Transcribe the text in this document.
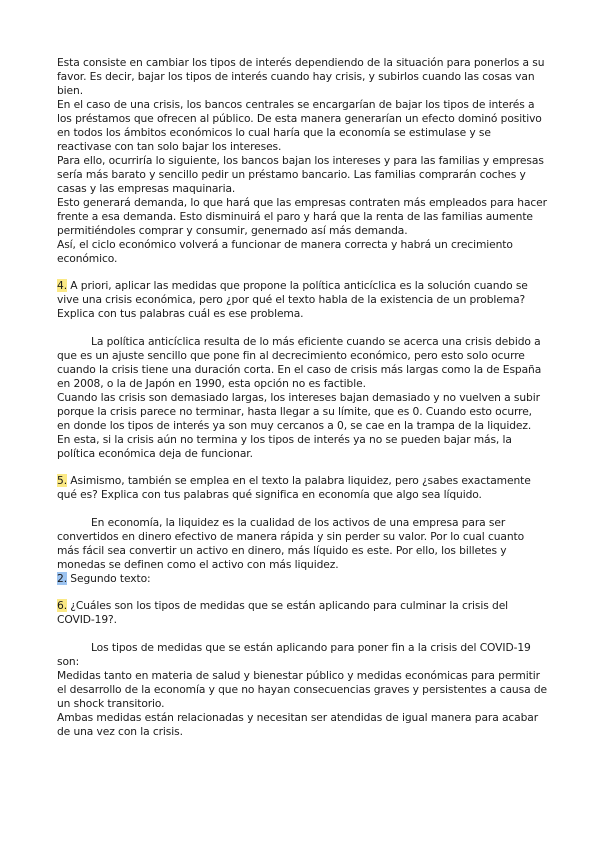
Esta consiste en cambiar los tipos de interés dependiendo de la situación para ponerlos a su favor. Es decir, bajar los tipos de interés cuando hay crisis, y subirlos cuando las cosas van bien.

En el caso de una crisis, los bancos centrales se encargarían de bajar los tipos de interés a los préstamos que ofrecen al público. De esta manera generarían un efecto dominó positivo en todos los ámbitos económicos lo cual haría que la economía se estimulase y se reactivase con tan solo bajar los intereses.

Para ello, ocurriría lo siguiente, los bancos bajan los intereses y para las familias y empresas sería más barato y sencillo pedir un préstamo bancario. Las familias comprarán coches y casas y las empresas maquinaria.

Esto generará demanda, lo que hará que las empresas contraten más empleados para hacer frente a esa demanda. Esto disminuirá el paro y hará que la renta de las familias aumente permitiéndoles comprar y consumir, genernado así más demanda.

Así, el ciclo económico volverá a funcionar de manera correcta y habrá un crecimiento económico.

4. A priori, aplicar las medidas que propone la política anticíclica es la solución cuando se vive una crisis económica, pero ¿por qué el texto habla de la existencia de un problema? Explica con tus palabras cuál es ese problema.

La política anticíclica resulta de lo más eficiente cuando se acerca una crisis debido a que es un ajuste sencillo que pone fin al decrecimiento económico, pero esto solo ocurre cuando la crisis tiene una duración corta. En el caso de crisis más largas como la de España en 2008, o la de Japón en 1990, esta opción no es factible.

Cuando las crisis son demasiado largas, los intereses bajan demasiado y no vuelven a subir porque la crisis parece no terminar, hasta llegar a su límite, que es 0. Cuando esto ocurre, en donde los tipos de interés ya son muy cercanos a 0, se cae en la trampa de la liquidez.

En esta, si la crisis aún no termina y los tipos de interés ya no se pueden bajar más, la política económica deja de funcionar.

5. Asimismo, también se emplea en el texto la palabra liquidez, pero ¿sabes exactamente qué es? Explica con tus palabras qué significa en economía que algo sea líquido.

En economía, la liquidez es la cualidad de los activos de una empresa para ser convertidos en dinero efectivo de manera rápida y sin perder su valor. Por lo cual cuanto más fácil sea convertir un activo en dinero, más líquido es este. Por ello, los billetes y monedas se definen como el activo con más liquidez.

2. Segundo texto:

6. ¿Cuáles son los tipos de medidas que se están aplicando para culminar la crisis del COVID-19?.

Los tipos de medidas que se están aplicando para poner fin a la crisis del COVID-19 son:

Medidas tanto en materia de salud y bienestar público y medidas económicas para permitir el desarrollo de la economía y que no hayan consecuencias graves y persistentes a causa de un shock transitorio.

Ambas medidas están relacionadas y necesitan ser atendidas de igual manera para acabar de una vez con la crisis.
